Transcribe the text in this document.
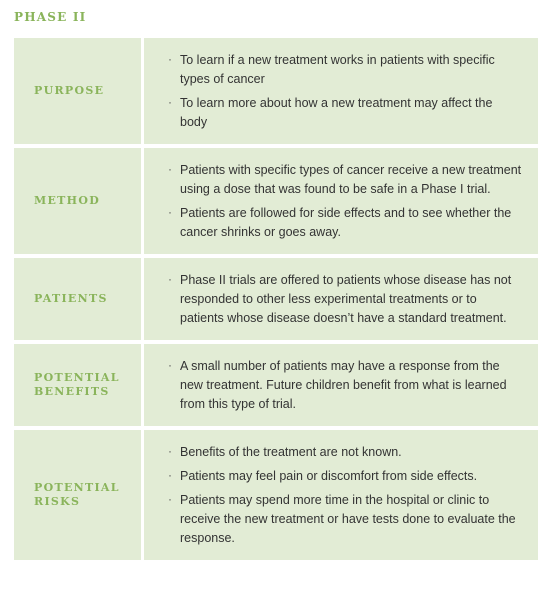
PHASE II
PURPOSE
· To learn if a new treatment works in patients with specific types of cancer
· To learn more about how a new treatment may affect the body
METHOD
· Patients with specific types of cancer receive a new treatment using a dose that was found to be safe in a Phase I trial.
· Patients are followed for side effects and to see whether the cancer shrinks or goes away.
PATIENTS
· Phase II trials are offered to patients whose disease has not responded to other less experimental treatments or to patients whose disease doesn’t have a standard treatment.
POTENTIAL
BENEFITS
· A small number of patients may have a response from the new treatment. Future children benefit from what is learned from this type of trial.
POTENTIAL
RISKS
· Benefits of the treatment are not known.
· Patients may feel pain or discomfort from side effects.
· Patients may spend more time in the hospital or clinic to receive the new treatment or have tests done to evaluate the response.
